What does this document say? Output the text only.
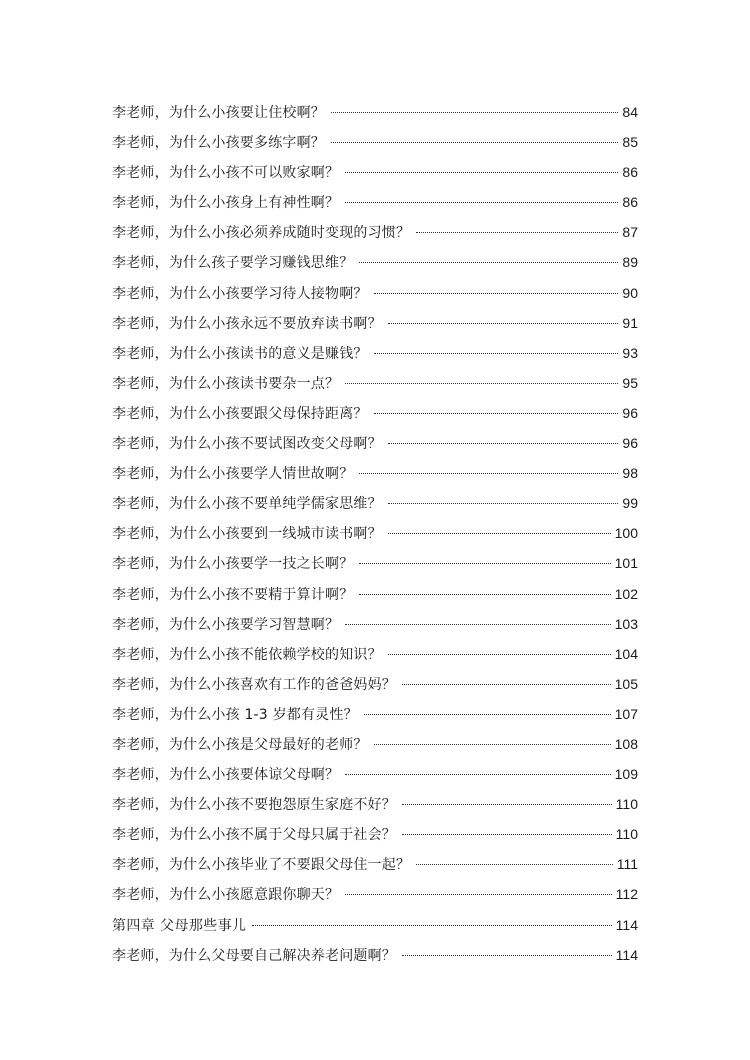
李老师，为什么小孩要让住校啊？	84
李老师，为什么小孩要多练字啊？	85
李老师，为什么小孩不可以败家啊？	86
李老师，为什么小孩身上有神性啊？	86
李老师，为什么小孩必须养成随时变现的习惯？	87
李老师，为什么孩子要学习赚钱思维？	89
李老师，为什么小孩要学习待人接物啊？	90
李老师，为什么小孩永远不要放弃读书啊？	91
李老师，为什么小孩读书的意义是赚钱？	93
李老师，为什么小孩读书要杂一点？	95
李老师，为什么小孩要跟父母保持距离？	96
李老师，为什么小孩不要试图改变父母啊？	96
李老师，为什么小孩要学人情世故啊？	98
李老师，为什么小孩不要单纯学儒家思维？	99
李老师，为什么小孩要到一线城市读书啊？	100
李老师，为什么小孩要学一技之长啊？	101
李老师，为什么小孩不要精于算计啊？	102
李老师，为什么小孩要学习智慧啊？	103
李老师，为什么小孩不能依赖学校的知识？	104
李老师，为什么小孩喜欢有工作的爸爸妈妈？	105
李老师，为什么小孩 1-3 岁都有灵性？	107
李老师，为什么小孩是父母最好的老师？	108
李老师，为什么小孩要体谅父母啊？	109
李老师，为什么小孩不要抱怨原生家庭不好？	110
李老师，为什么小孩不属于父母只属于社会？	110
李老师，为什么小孩毕业了不要跟父母住一起？	111
李老师，为什么小孩愿意跟你聊天？	112
第四章 父母那些事儿	114
李老师，为什么父母要自己解决养老问题啊？	114
